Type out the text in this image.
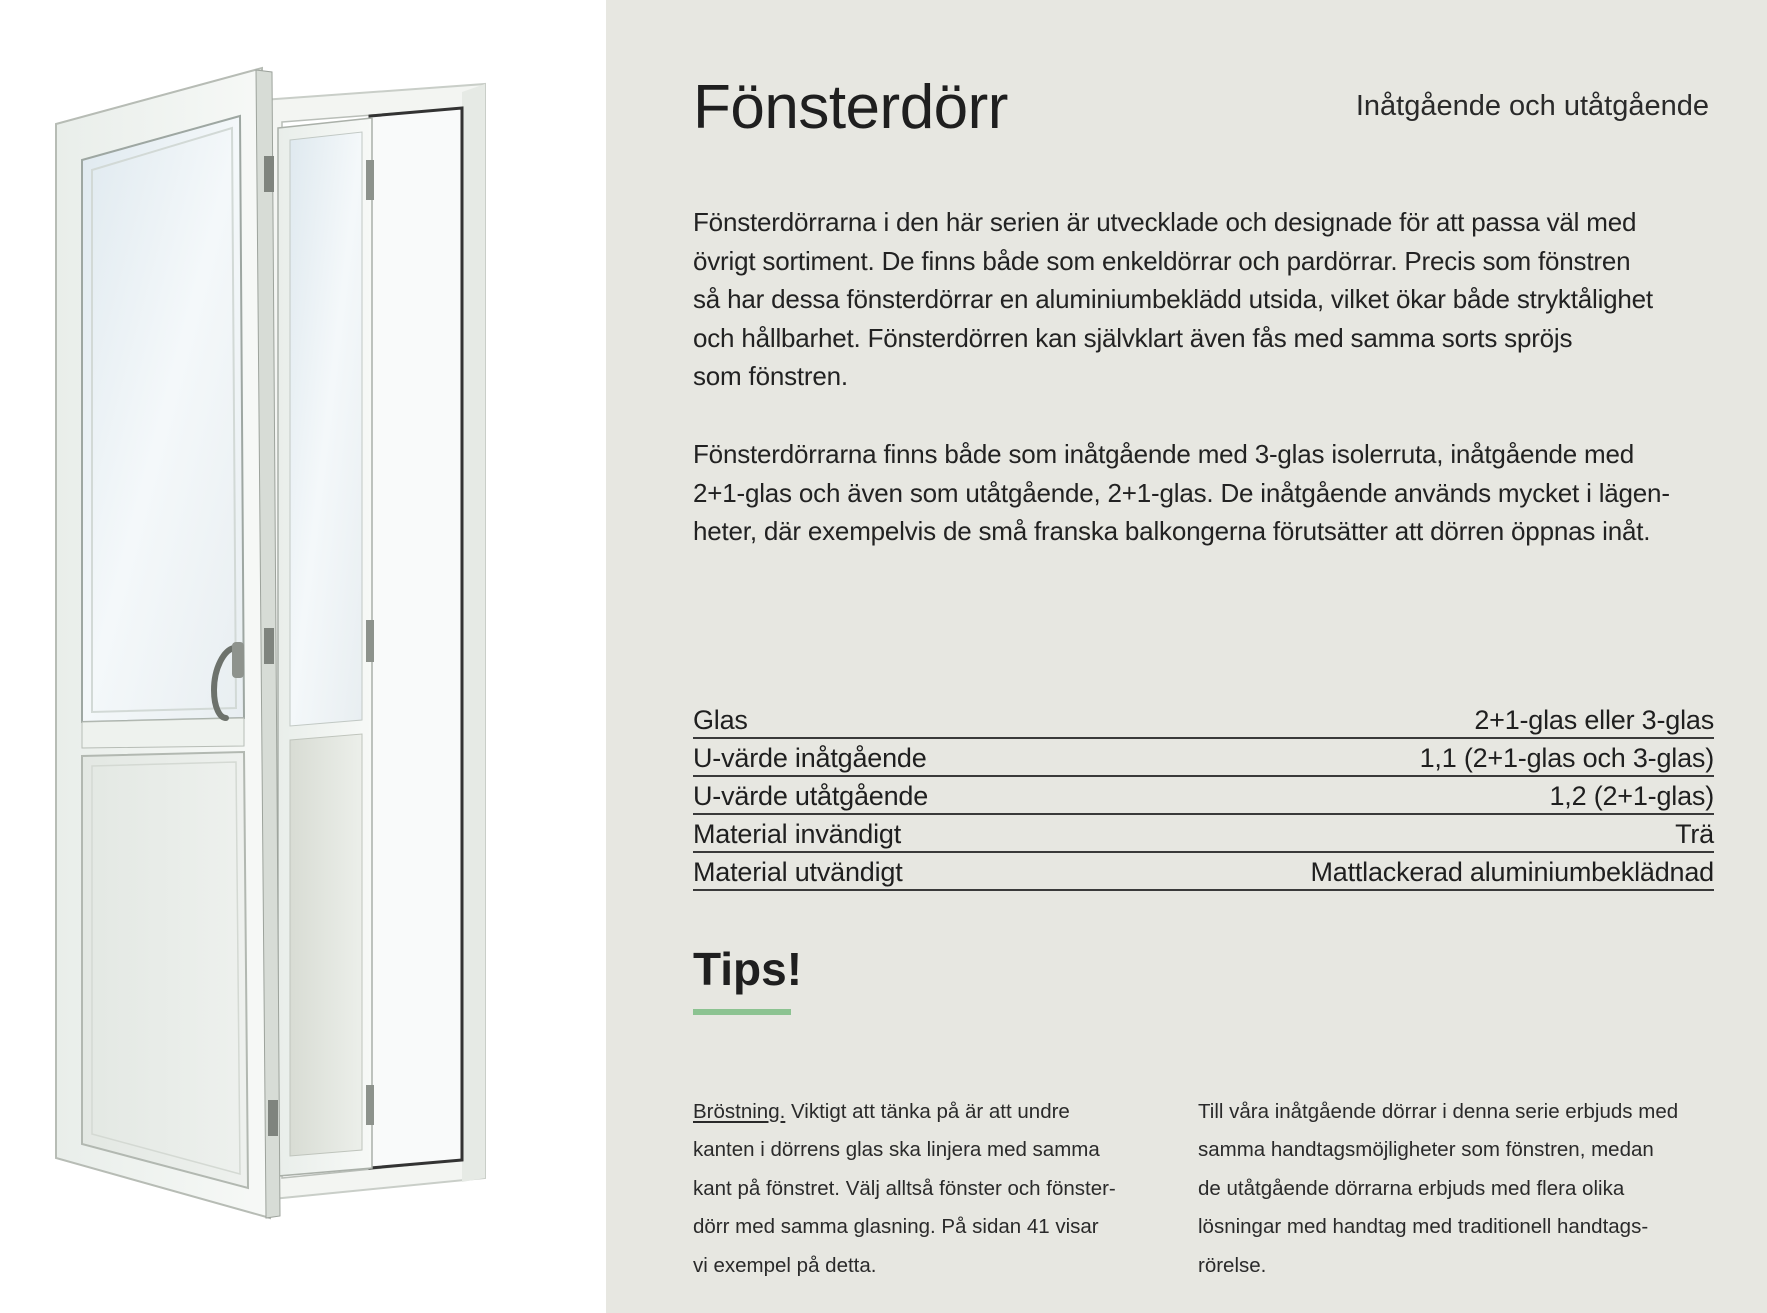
Fönsterdörr	Inåtgående och utåtgående

Fönsterdörrarna i den här serien är utvecklade och designade för att passa väl med
övrigt sortiment. De finns både som enkeldörrar och pardörrar. Precis som fönstren
så har dessa fönsterdörrar en aluminiumbeklädd utsida, vilket ökar både stryktålighet
och hållbarhet. Fönsterdörren kan självklart även fås med samma sorts spröjs
som fönstren.

Fönsterdörrarna finns både som inåtgående med 3-glas isolerruta, inåtgående med
2+1-glas och även som utåtgående, 2+1-glas. De inåtgående används mycket i lägen-
heter, där exempelvis de små franska balkongerna förutsätter att dörren öppnas inåt.

Glas	2+1-glas eller 3-glas
U-värde inåtgående	1,1 (2+1-glas och 3-glas)
U-värde utåtgående	1,2 (2+1-glas)
Material invändigt	Trä
Material utvändigt	Mattlackerad aluminiumbeklädnad
Tips!

Bröstning. Viktigt att tänka på är att undre
kanten i dörrens glas ska linjera med samma
kant på fönstret. Välj alltså fönster och fönster-
dörr med samma glasning. På sidan 41 visar
vi exempel på detta.

Till våra inåtgående dörrar i denna serie erbjuds med
samma handtagsmöjligheter som fönstren, medan
de utåtgående dörrarna erbjuds med flera olika
lösningar med handtag med traditionell handtags-
rörelse.
